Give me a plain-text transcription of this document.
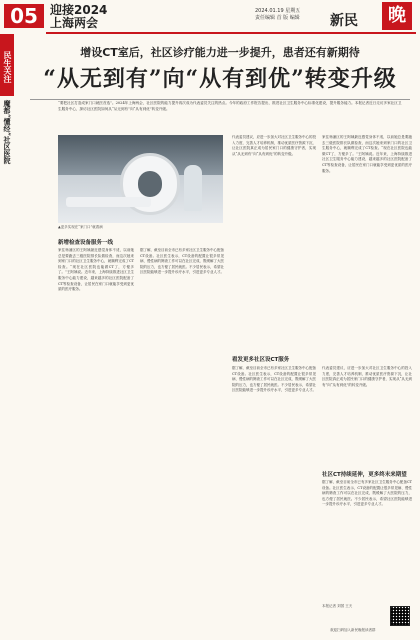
05	迎接2024
上海两会
2024.01.19 星期五
责任编辑 首 版 编辑 新民	晚
民生关注
魔都“懂经”社区医院
增设CT室后，社区诊疗能力进一步提升，患者还有新期待
“从无到有”向“从有到优”转变升级
“要把社区打造成家门口就医首选”。2024年上海两会，社区医院的能力提升再次成为代表委员关注的热点。今年的政府工作报告提出，推进社区卫生服务中心标准化建设，提升服务能力。本报记者近日走访多家社区卫生服务中心，探访社区医院如何从“从无到有”向“从有到优”转变升级。
▲更多实现在“家门口”就看病
新增检查设备服务一线
家住杨浦区的王阿姨最近感觉身体不适，以前她总是要跑去三级医院排长队做检查，而这次她来到家门口的社区卫生服务中心，就顺利完成了CT检查。“现在社区医院也能做CT了，方便多了。”王阿姨说。近年来，上海持续推进社区卫生服务中心能力建设，越来越多的社区医院配备了CT等检查设备，让居民在家门口就能享受到更优质的医疗服务。
据了解，截至目前全市已有多家社区卫生服务中心配备CT设备。社区医生表示，CT设备的配置让很多常见病、慢性病的筛查工作可以在社区完成，既缓解了大医院的压力，也方便了居民就医。不少居民表示，希望社区医院能够进一步提升诊疗水平，引进更多专业人才。
代表委员建议，应进一步加大对社区卫生服务中心的投入力度，完善人才培养机制，推动优质医疗资源下沉，让社区医院真正成为居民家门口的健康守护者，实现从“从无到有”向“从有到优”的转变升级。
看发更多社区设CT服务
据了解，截至目前全市已有多家社区卫生服务中心配备CT设备。社区医生表示，CT设备的配置让很多常见病、慢性病的筛查工作可以在社区完成，既缓解了大医院的压力，也方便了居民就医。不少居民表示，希望社区医院能够进一步提升诊疗水平，引进更多专业人才。
家住杨浦区的王阿姨最近感觉身体不适，以前她总是要跑去三级医院排长队做检查，而这次她来到家门口的社区卫生服务中心，就顺利完成了CT检查。“现在社区医院也能做CT了，方便多了。”王阿姨说。近年来，上海持续推进社区卫生服务中心能力建设，越来越多的社区医院配备了CT等检查设备，让居民在家门口就能享受到更优质的医疗服务。
代表委员建议，应进一步加大对社区卫生服务中心的投入力度，完善人才培养机制，推动优质医疗资源下沉，让社区医院真正成为居民家门口的健康守护者，实现从“从无到有”向“从有到优”的转变升级。
社区CT持续延伸，更多终末来期望
据了解，截至目前全市已有多家社区卫生服务中心配备CT设备。社区医生表示，CT设备的配置让很多常见病、慢性病的筛查工作可以在社区完成，既缓解了大医院的压力，也方便了居民就医。不少居民表示，希望社区医院能够进一步提升诊疗水平，引进更多专业人才。
本报记者 刘国 王天
欢迎扫码加入新民晚报读者群
